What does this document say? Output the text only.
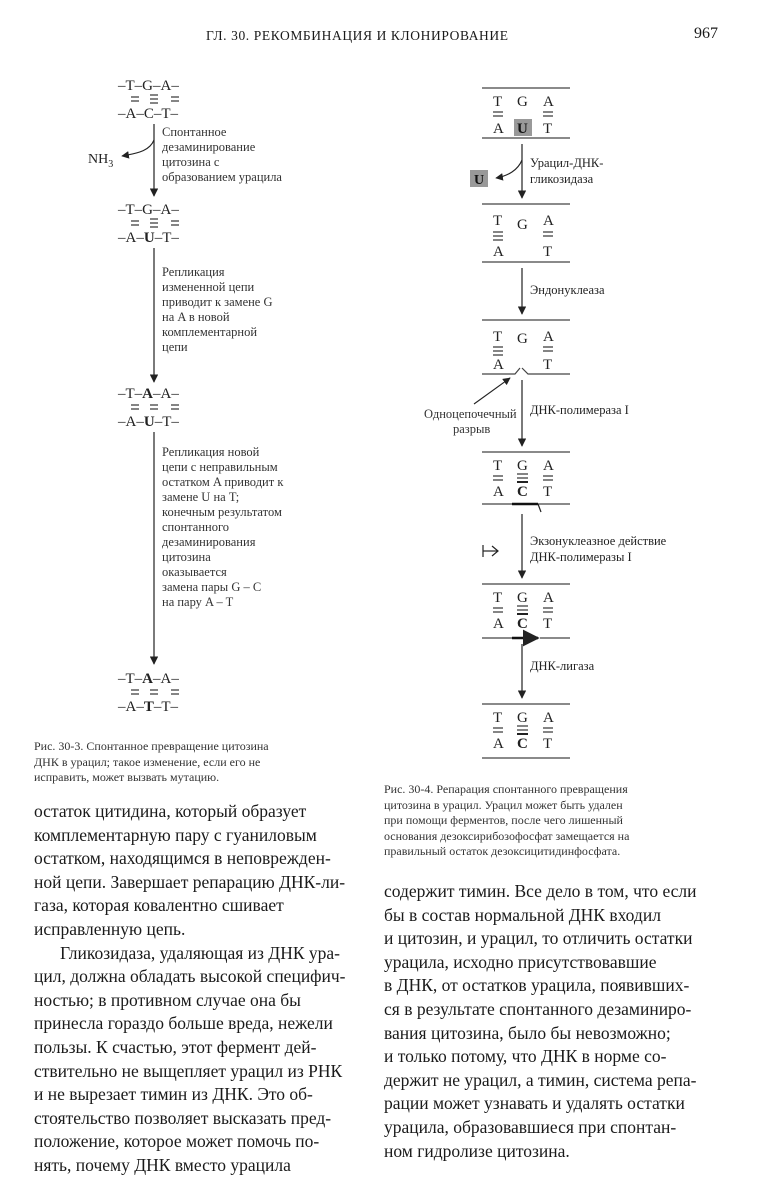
ГЛ. 30. РЕКОМБИНАЦИЯ И КЛОНИРОВАНИЕ	967
–T–G–A–
–A–C–T–
$NH_3$
Спонтанное
дезаминирование
цитозина с
образованием урацила
–T–G–A–
–A–U–T–
Репликация
измененной цепи
приводит к замене G
на A в новой
комплементарной
цепи
–T–A–A–
–A–U–T–
Репликация новой
цепи с неправильным
остатком A приводит к
замене U на T;
конечным результатом
спонтанного
дезаминирования
цитозина
оказывается
замена пары G – C
на пару A – T
–T–A–A–
–A–T–T–
Рис. 30-3. Спонтанное превращение цитозина
ДНК в урацил; такое изменение, если его не
исправить, может вызвать мутацию.
T G A
A U T
U
Урацил-ДНК-
гликозидаза
T G A
A	T
Эндонуклеаза
T G A
A	T
Одноцепочечный
разрыв
ДНК-полимераза I
T G A
A C T
Экзонуклеазное действие
ДНК-полимеразы I
T G A
A C T
ДНК-лигаза
T G A
A C T
Рис. 30-4. Репарация спонтанного превращения
цитозина в урацил. Урацил может быть удален
при помощи ферментов, после чего лишенный
основания дезоксирибозофосфат замещается на
правильный остаток дезоксицитидинфосфата.

остаток цитидина, который образует
комплементарную пару с гуаниловым
остатком, находящимся в неповрежден-
ной цепи. Завершает репарацию ДНК-ли-
газа, которая ковалентно сшивает
исправленную цепь.

Гликозидаза, удаляющая из ДНК ура-
цил, должна обладать высокой специфич-
ностью; в противном случае она бы
принесла гораздо больше вреда, нежели
пользы. К счастью, этот фермент дей-
ствительно не выщепляет урацил из РНК
и не вырезает тимин из ДНК. Это об-
стоятельство позволяет высказать пред-
положение, которое может помочь по-
нять, почему ДНК вместо урацила

содержит тимин. Все дело в том, что если
бы в состав нормальной ДНК входил
и цитозин, и урацил, то отличить остатки
урацила, исходно присутствовавшие
в ДНК, от остатков урацила, появивших-
ся в результате спонтанного дезаминиро-
вания цитозина, было бы невозможно;
и только потому, что ДНК в норме со-
держит не урацил, а тимин, система репа-
рации может узнавать и удалять остатки
урацила, образовавшиеся при спонтан-
ном гидролизе цитозина.
